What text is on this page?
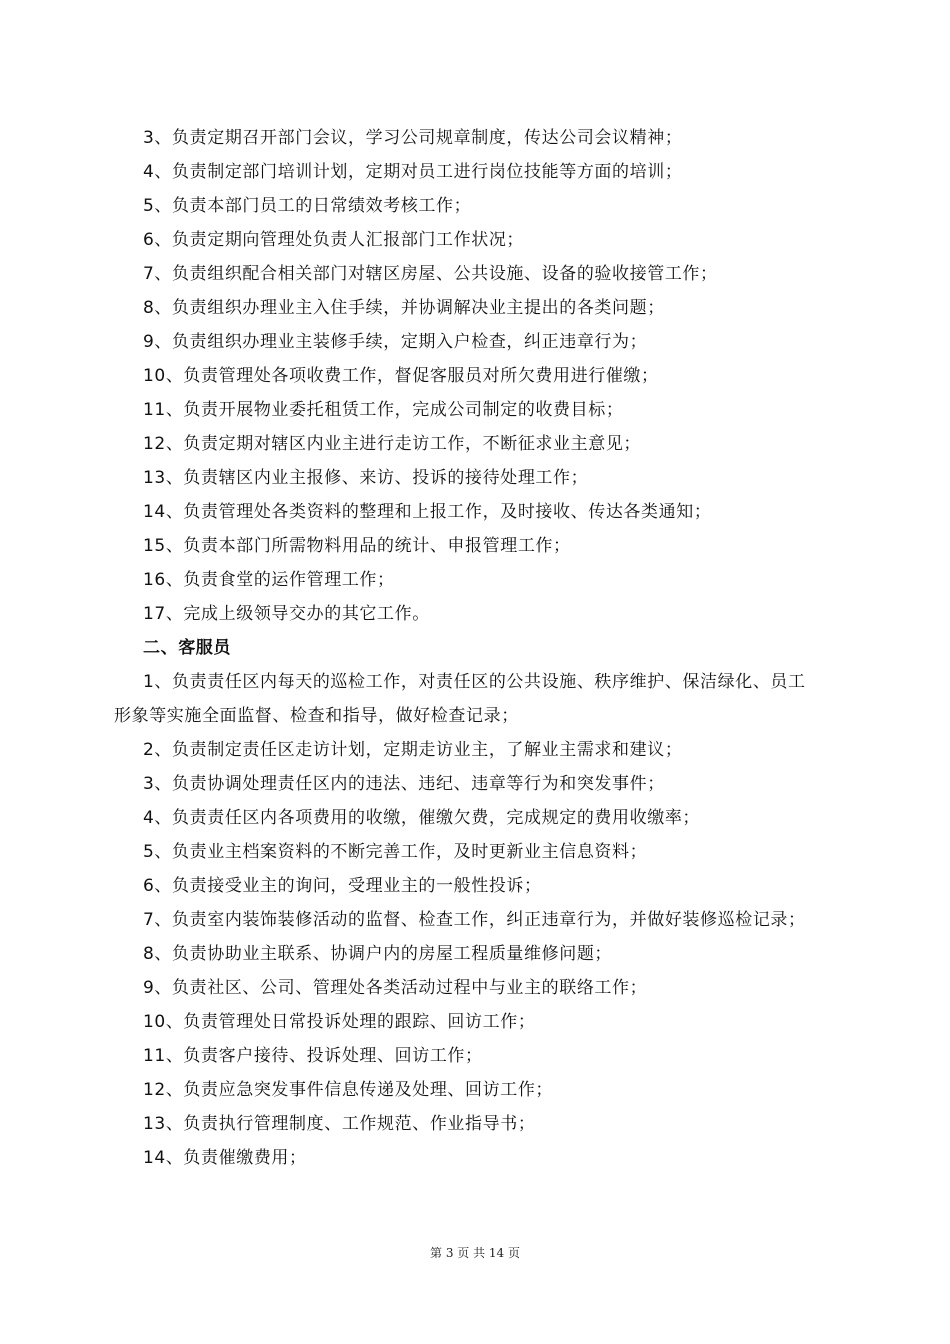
3、负责定期召开部门会议，学习公司规章制度，传达公司会议精神；
4、负责制定部门培训计划，定期对员工进行岗位技能等方面的培训；
5、负责本部门员工的日常绩效考核工作；
6、负责定期向管理处负责人汇报部门工作状况；
7、负责组织配合相关部门对辖区房屋、公共设施、设备的验收接管工作；
8、负责组织办理业主入住手续，并协调解决业主提出的各类问题；
9、负责组织办理业主装修手续，定期入户检查，纠正违章行为；
10、负责管理处各项收费工作，督促客服员对所欠费用进行催缴；
11、负责开展物业委托租赁工作，完成公司制定的收费目标；
12、负责定期对辖区内业主进行走访工作，不断征求业主意见；
13、负责辖区内业主报修、来访、投诉的接待处理工作；
14、负责管理处各类资料的整理和上报工作，及时接收、传达各类通知；
15、负责本部门所需物料用品的统计、申报管理工作；
16、负责食堂的运作管理工作；
17、完成上级领导交办的其它工作。
二、客服员
1、负责责任区内每天的巡检工作，对责任区的公共设施、秩序维护、保洁绿化、员工
形象等实施全面监督、检查和指导，做好检查记录；
2、负责制定责任区走访计划，定期走访业主，了解业主需求和建议；
3、负责协调处理责任区内的违法、违纪、违章等行为和突发事件；
4、负责责任区内各项费用的收缴，催缴欠费，完成规定的费用收缴率；
5、负责业主档案资料的不断完善工作，及时更新业主信息资料；
6、负责接受业主的询问，受理业主的一般性投诉；
7、负责室内装饰装修活动的监督、检查工作，纠正违章行为，并做好装修巡检记录；
8、负责协助业主联系、协调户内的房屋工程质量维修问题；
9、负责社区、公司、管理处各类活动过程中与业主的联络工作；
10、负责管理处日常投诉处理的跟踪、回访工作；
11、负责客户接待、投诉处理、回访工作；
12、负责应急突发事件信息传递及处理、回访工作；
13、负责执行管理制度、工作规范、作业指导书；
14、负责催缴费用；
第 3 页 共 14 页
